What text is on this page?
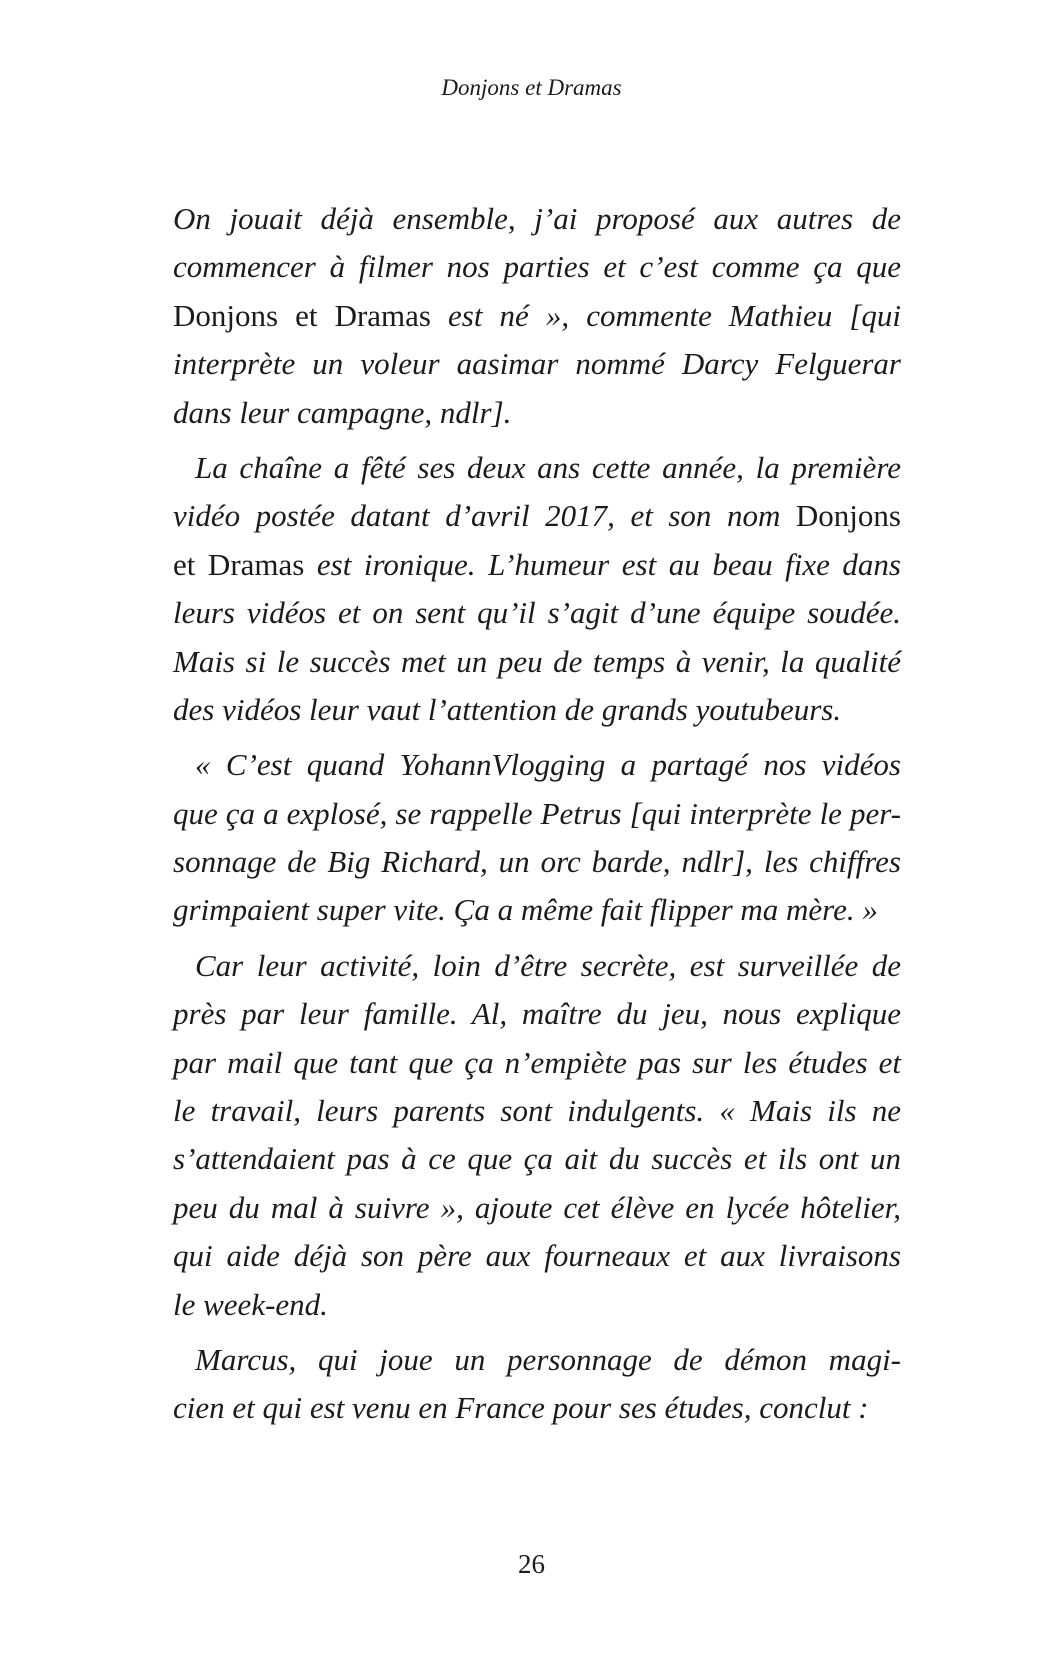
Donjons et Dramas
On jouait déjà ensemble, j’ai proposé aux autres de
commencer à filmer nos parties et c’est comme ça que
Donjons et Dramas est né », commente Mathieu [qui
interprète un voleur aasimar nommé Darcy Felguerar
dans leur campagne, ndlr].
La chaîne a fêté ses deux ans cette année, la première
vidéo postée datant d’avril 2017, et son nom Donjons
et Dramas est ironique. L’humeur est au beau fixe dans
leurs vidéos et on sent qu’il s’agit d’une équipe soudée.
Mais si le succès met un peu de temps à venir, la qualité
des vidéos leur vaut l’attention de grands youtubeurs.
« C’est quand YohannVlogging a partagé nos vidéos
que ça a explosé, se rappelle Petrus [qui interprète le per-
sonnage de Big Richard, un orc barde, ndlr], les chiffres
grimpaient super vite. Ça a même fait flipper ma mère. »
Car leur activité, loin d’être secrète, est surveillée de
près par leur famille. Al, maître du jeu, nous explique
par mail que tant que ça n’empiète pas sur les études et
le travail, leurs parents sont indulgents. « Mais ils ne
s’attendaient pas à ce que ça ait du succès et ils ont un
peu du mal à suivre », ajoute cet élève en lycée hôtelier,
qui aide déjà son père aux fourneaux et aux livraisons
le week-end.
Marcus, qui joue un personnage de démon magi-
cien et qui est venu en France pour ses études, conclut :
26
